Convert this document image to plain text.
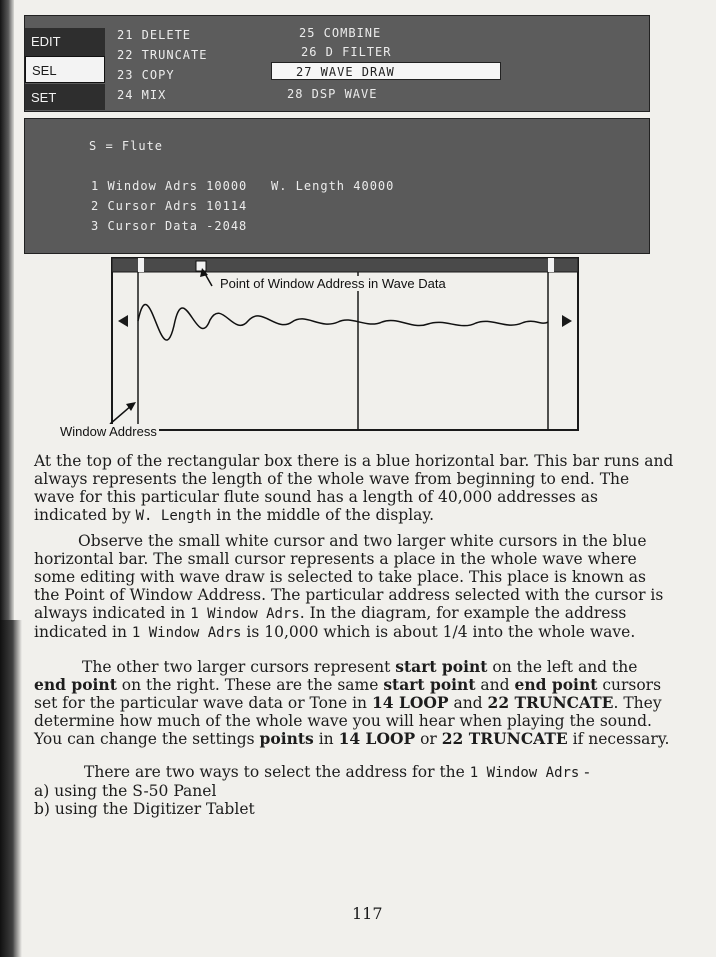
EDIT
SEL
SET
21 DELETE
22 TRUNCATE
23 COPY
24 MIX
25 COMBINE
26 D FILTER
27 WAVE DRAW
28 DSP WAVE
S = Flute
1 Window Adrs 10000 W. Length 40000
2 Cursor Adrs 10114
3 Cursor Data -2048
Point of Window Address in Wave Data
Window Address
At the top of the rectangular box there is a blue horizontal bar. This bar runs and always represents the length of the whole wave from beginning to end. The wave for this particular flute sound has a length of 40,000 addresses as indicated by W. Length in the middle of the display.
Observe the small white cursor and two larger white cursors in the blue horizontal bar. The small cursor represents a place in the whole wave where some editing with wave draw is selected to take place. This place is known as the Point of Window Address. The particular address selected with the cursor is always indicated in 1 Window Adrs. In the diagram, for example the address indicated in 1 Window Adrs is 10,000 which is about 1/4 into the whole wave.
The other two larger cursors represent start point on the left and the end point on the right. These are the same start point and end point cursors set for the particular wave data or Tone in 14 LOOP and 22 TRUNCATE. They determine how much of the whole wave you will hear when playing the sound. You can change the settings points in 14 LOOP or 22 TRUNCATE if necessary.
There are two ways to select the address for the 1 Window Adrs -
a) using the S-50 Panel
b) using the Digitizer Tablet
117
